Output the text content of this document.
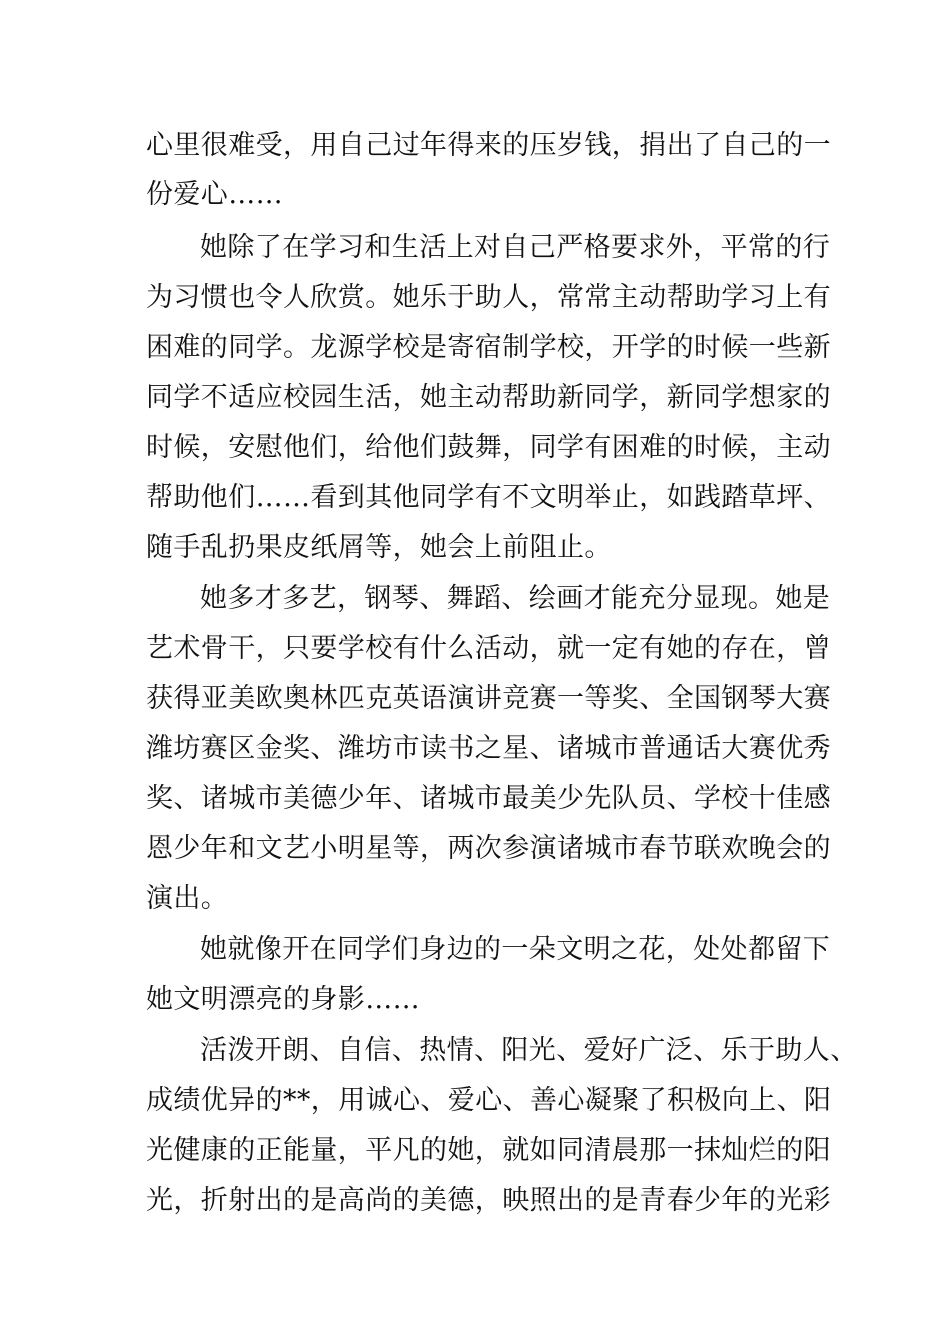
心里很难受，用自己过年得来的压岁钱，捐出了自己的一
份爱心……
她除了在学习和生活上对自己严格要求外，平常的行
为习惯也令人欣赏。她乐于助人，常常主动帮助学习上有
困难的同学。龙源学校是寄宿制学校，开学的时候一些新
同学不适应校园生活，她主动帮助新同学，新同学想家的
时候，安慰他们，给他们鼓舞，同学有困难的时候，主动
帮助他们……看到其他同学有不文明举止，如践踏草坪、
随手乱扔果皮纸屑等，她会上前阻止。
她多才多艺，钢琴、舞蹈、绘画才能充分显现。她是
艺术骨干，只要学校有什么活动，就一定有她的存在，曾
获得亚美欧奥林匹克英语演讲竞赛一等奖、全国钢琴大赛
潍坊赛区金奖、潍坊市读书之星、诸城市普通话大赛优秀
奖、诸城市美德少年、诸城市最美少先队员、学校十佳感
恩少年和文艺小明星等，两次参演诸城市春节联欢晚会的
演出。
她就像开在同学们身边的一朵文明之花，处处都留下
她文明漂亮的身影……
活泼开朗、自信、热情、阳光、爱好广泛、乐于助人、
成绩优异的**，用诚心、爱心、善心凝聚了积极向上、阳
光健康的正能量，平凡的她，就如同清晨那一抹灿烂的阳
光，折射出的是高尚的美德，映照出的是青春少年的光彩
